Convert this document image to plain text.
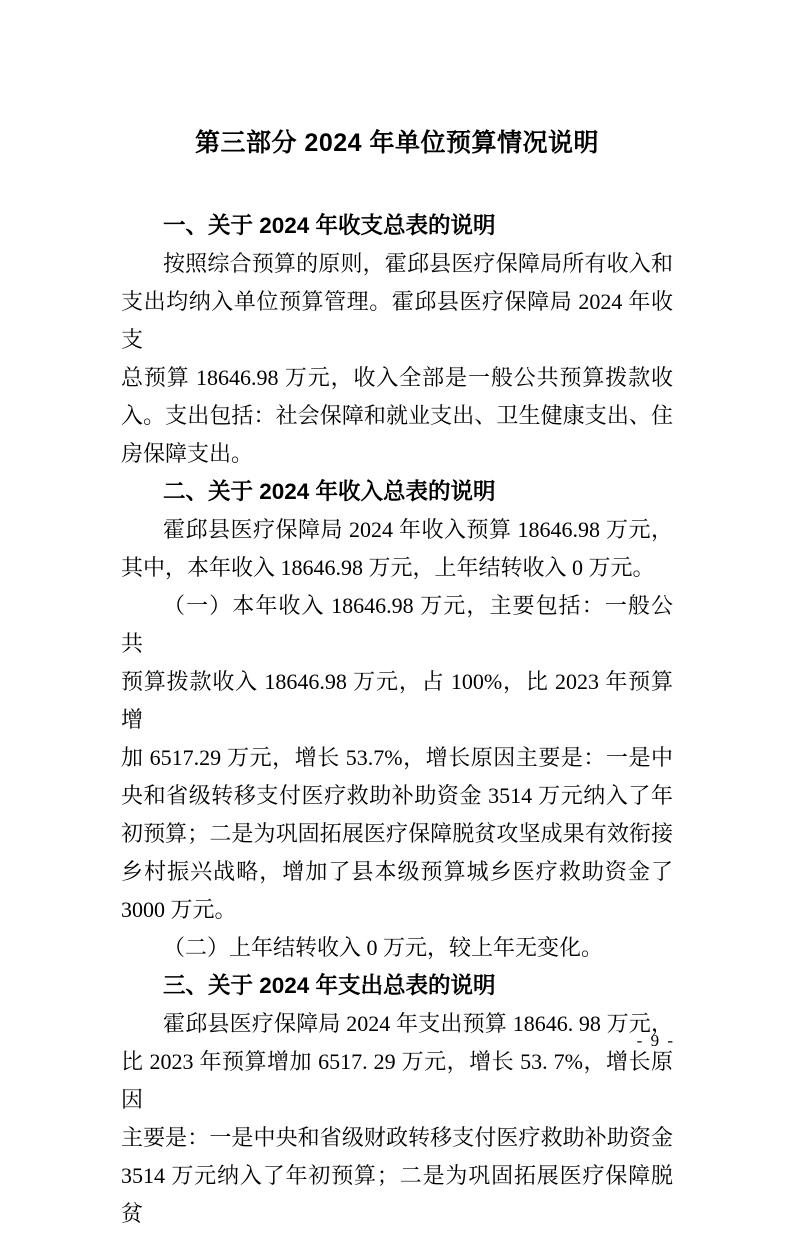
第三部分 2024 年单位预算情况说明
一、关于 2024 年收支总表的说明
按照综合预算的原则，霍邱县医疗保障局所有收入和
支出均纳入单位预算管理。霍邱县医疗保障局 2024 年收支
总预算 18646.98 万元，收入全部是一般公共预算拨款收
入。支出包括：社会保障和就业支出、卫生健康支出、住
房保障支出。
二、关于 2024 年收入总表的说明
霍邱县医疗保障局 2024 年收入预算 18646.98 万元，
其中，本年收入 18646.98 万元，上年结转收入 0 万元。
（一）本年收入 18646.98 万元，主要包括：一般公共
预算拨款收入 18646.98 万元，占 100%，比 2023 年预算增
加 6517.29 万元，增长 53.7%，增长原因主要是：一是中
央和省级转移支付医疗救助补助资金 3514 万元纳入了年
初预算；二是为巩固拓展医疗保障脱贫攻坚成果有效衔接
乡村振兴战略，增加了县本级预算城乡医疗救助资金了
3000 万元。
（二）上年结转收入 0 万元，较上年无变化。
三、关于 2024 年支出总表的说明
霍邱县医疗保障局 2024 年支出预算 18646. 98 万元，
比 2023 年预算增加 6517. 29 万元，增长 53. 7%，增长原因
主要是：一是中央和省级财政转移支付医疗救助补助资金
3514 万元纳入了年初预算；二是为巩固拓展医疗保障脱贫
- 9 -
